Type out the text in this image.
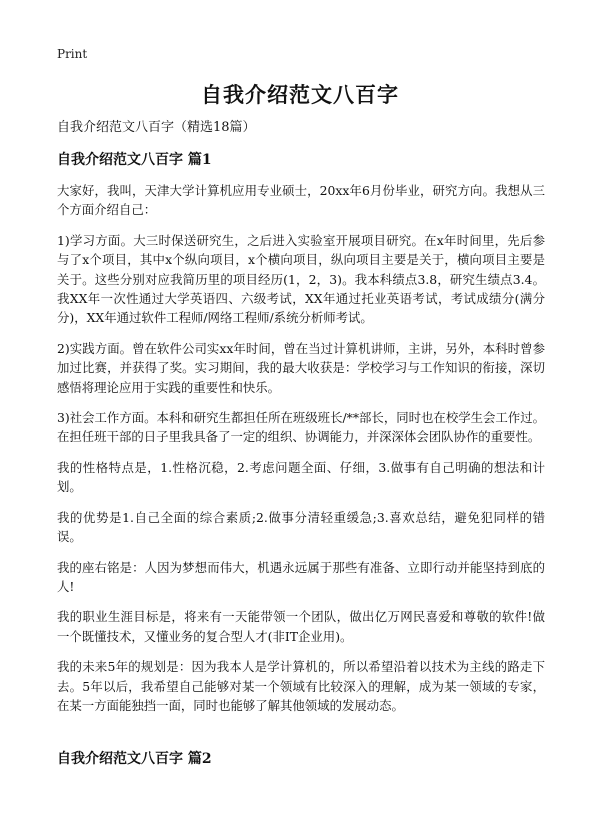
Print
自我介绍范文八百字
自我介绍范文八百字（精选18篇）
自我介绍范文八百字 篇1

大家好，我叫，天津大学计算机应用专业硕士，20xx年6月份毕业，研究方向。我想从三个方面介绍自己：

1)学习方面。大三时保送研究生，之后进入实验室开展项目研究。在x年时间里，先后参与了x个项目，其中x个纵向项目，x个横向项目，纵向项目主要是关于，横向项目主要是关于。这些分别对应我简历里的项目经历(1，2，3)。我本科绩点3.8，研究生绩点3.4。我XX年一次性通过大学英语四、六级考试，XX年通过托业英语考试，考试成绩分(满分分)，XX年通过软件工程师/网络工程师/系统分析师考试。

2)实践方面。曾在软件公司实xx年时间，曾在当过计算机讲师，主讲，另外，本科时曾参加过比赛，并获得了奖。实习期间，我的最大收获是：学校学习与工作知识的衔接，深切感悟将理论应用于实践的重要性和快乐。

3)社会工作方面。本科和研究生都担任所在班级班长/**部长，同时也在校学生会工作过。在担任班干部的日子里我具备了一定的组织、协调能力，并深深体会团队协作的重要性。

我的性格特点是，1.性格沉稳，2.考虑问题全面、仔细，3.做事有自己明确的想法和计划。

我的优势是1.自己全面的综合素质;2.做事分清轻重缓急;3.喜欢总结，避免犯同样的错误。

我的座右铭是：人因为梦想而伟大，机遇永远属于那些有准备、立即行动并能坚持到底的人!

我的职业生涯目标是，将来有一天能带领一个团队，做出亿万网民喜爱和尊敬的软件!做一个既懂技术，又懂业务的复合型人才(非IT企业用)。

我的未来5年的规划是：因为我本人是学计算机的，所以希望沿着以技术为主线的路走下去。5年以后，我希望自己能够对某一个领域有比较深入的理解，成为某一领域的专家，在某一方面能独挡一面，同时也能够了解其他领域的发展动态。

自我介绍范文八百字 篇2
